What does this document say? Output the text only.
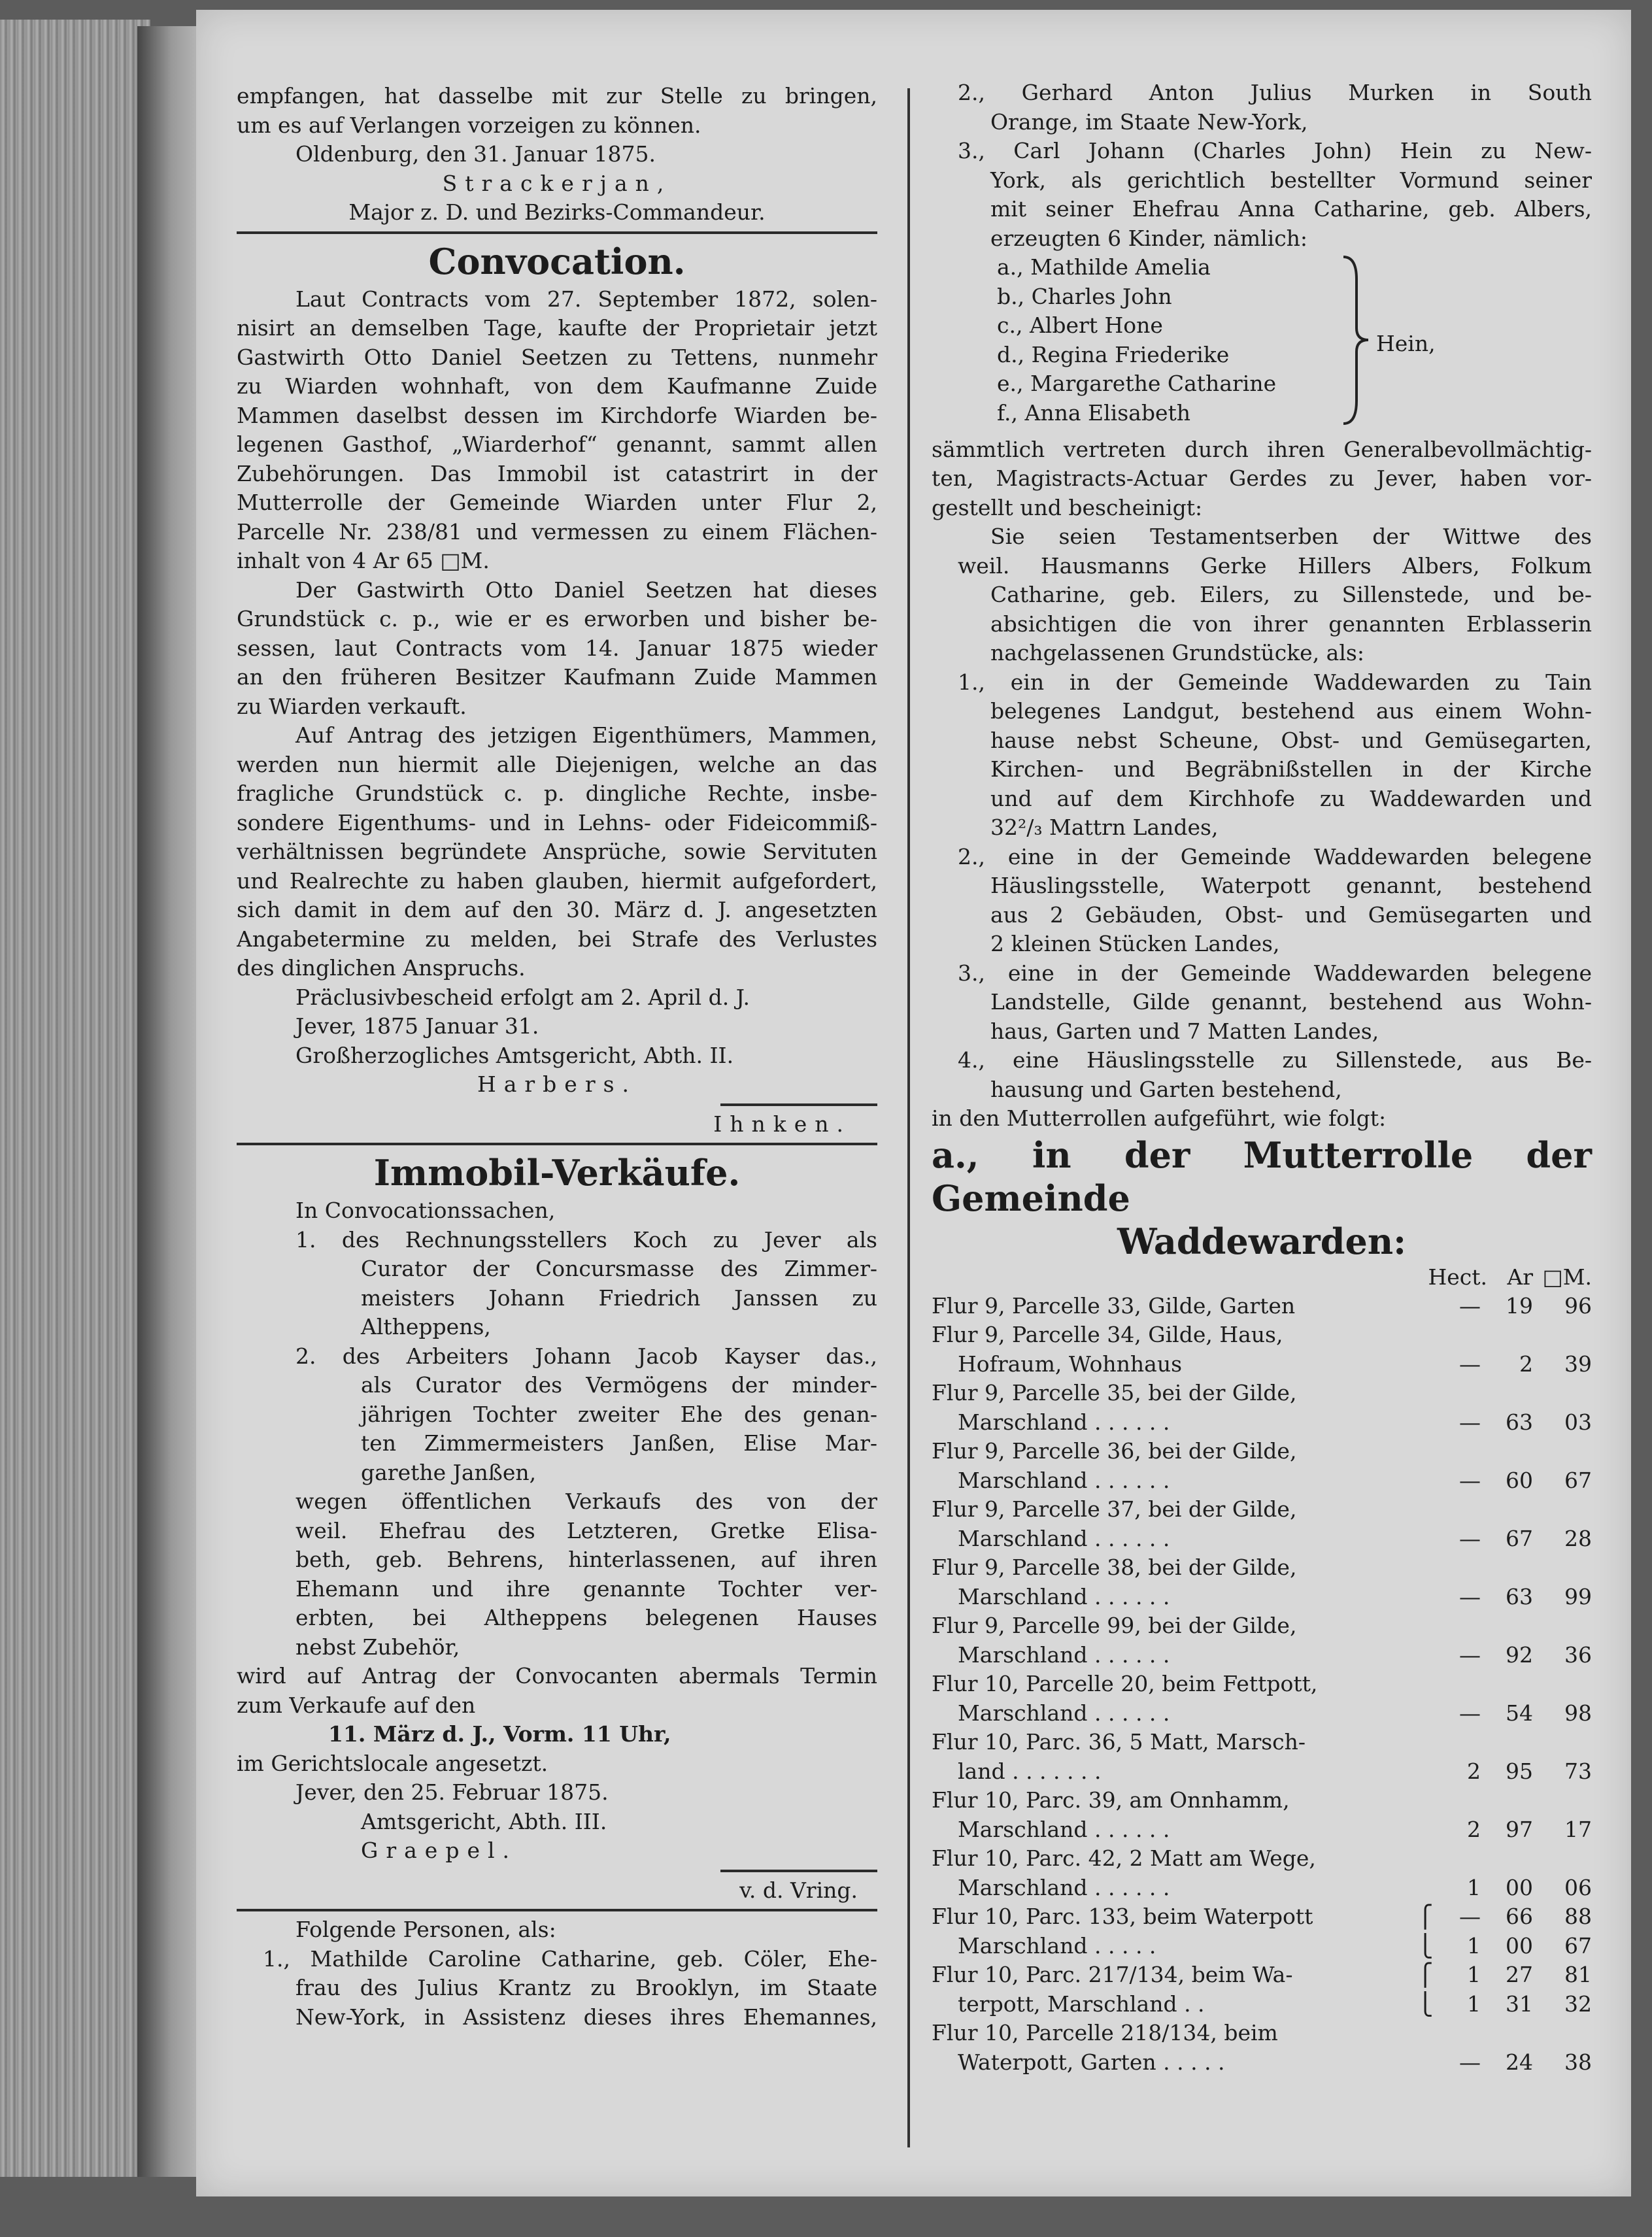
empfangen, hat dasselbe mit zur Stelle zu bringen,
um es auf Verlangen vorzeigen zu können.
Oldenburg, den 31. Januar 1875.
Strackerjan,
Major z. D. und Bezirks-Commandeur.
Convocation.
Laut Contracts vom 27. September 1872, solen-
nisirt an demselben Tage, kaufte der Proprietair jetzt
Gastwirth Otto Daniel Seetzen zu Tettens, nunmehr
zu Wiarden wohnhaft, von dem Kaufmanne Zuide
Mammen daselbst dessen im Kirchdorfe Wiarden be-
legenen Gasthof, „Wiarderhof“ genannt, sammt allen
Zubehörungen. Das Immobil ist catastrirt in der
Mutterrolle der Gemeinde Wiarden unter Flur 2,
Parcelle Nr. 238/81 und vermessen zu einem Flächen-
inhalt von 4 Ar 65 □M.
Der Gastwirth Otto Daniel Seetzen hat dieses
Grundstück c. p., wie er es erworben und bisher be-
sessen, laut Contracts vom 14. Januar 1875 wieder
an den früheren Besitzer Kaufmann Zuide Mammen
zu Wiarden verkauft.
Auf Antrag des jetzigen Eigenthümers, Mammen,
werden nun hiermit alle Diejenigen, welche an das
fragliche Grundstück c. p. dingliche Rechte, insbe-
sondere Eigenthums- und in Lehns- oder Fideicommiß-
verhältnissen begründete Ansprüche, sowie Servituten
und Realrechte zu haben glauben, hiermit aufgefordert,
sich damit in dem auf den 30. März d. J. angesetzten
Angabetermine zu melden, bei Strafe des Verlustes
des dinglichen Anspruchs.
Präclusivbescheid erfolgt am 2. April d. J.
Jever, 1875 Januar 31.
Großherzogliches Amtsgericht, Abth. II.
Harbers.
Ihnken.
Immobil-Verkäufe.
In Convocationssachen,
1. des Rechnungsstellers Koch zu Jever als
Curator der Concursmasse des Zimmer-
meisters Johann Friedrich Janssen zu
Altheppens,
2. des Arbeiters Johann Jacob Kayser das.,
als Curator des Vermögens der minder-
jährigen Tochter zweiter Ehe des genan-
ten Zimmermeisters Janßen, Elise Mar-
garethe Janßen,
wegen öffentlichen Verkaufs des von der
weil. Ehefrau des Letzteren, Gretke Elisa-
beth, geb. Behrens, hinterlassenen, auf ihren
Ehemann und ihre genannte Tochter ver-
erbten, bei Altheppens belegenen Hauses
nebst Zubehör,
wird auf Antrag der Convocanten abermals Termin
zum Verkaufe auf den
11. März d. J., Vorm. 11 Uhr,
im Gerichtslocale angesetzt.
Jever, den 25. Februar 1875.
Amtsgericht, Abth. III.
Graepel.
v. d. Vring.
Folgende Personen, als:
1., Mathilde Caroline Catharine, geb. Cöler, Ehe-
frau des Julius Krantz zu Brooklyn, im Staate
New-York, in Assistenz dieses ihres Ehemannes,
2., Gerhard Anton Julius Murken in South
Orange, im Staate New-York,
3., Carl Johann (Charles John) Hein zu New-
York, als gerichtlich bestellter Vormund seiner
mit seiner Ehefrau Anna Catharine, geb. Albers,
erzeugten 6 Kinder, nämlich:
a., Mathilde Amelia
b., Charles John
c., Albert Hone
d., Regina Friederike
e., Margarethe Catharine
f., Anna Elisabeth
Hein,
sämmtlich vertreten durch ihren Generalbevollmächtig-
ten, Magistracts-Actuar Gerdes zu Jever, haben vor-
gestellt und bescheinigt:
Sie seien Testamentserben der Wittwe des
weil. Hausmanns Gerke Hillers Albers, Folkum
Catharine, geb. Eilers, zu Sillenstede, und be-
absichtigen die von ihrer genannten Erblasserin
nachgelassenen Grundstücke, als:
1., ein in der Gemeinde Waddewarden zu Tain
belegenes Landgut, bestehend aus einem Wohn-
hause nebst Scheune, Obst- und Gemüsegarten,
Kirchen- und Begräbnißstellen in der Kirche
und auf dem Kirchhofe zu Waddewarden und
32²/₃ Mattrn Landes,
2., eine in der Gemeinde Waddewarden belegene
Häuslingsstelle, Waterpott genannt, bestehend
aus 2 Gebäuden, Obst- und Gemüsegarten und
2 kleinen Stücken Landes,
3., eine in der Gemeinde Waddewarden belegene
Landstelle, Gilde genannt, bestehend aus Wohn-
haus, Garten und 7 Matten Landes,
4., eine Häuslingsstelle zu Sillenstede, aus Be-
hausung und Garten bestehend,
in den Mutterrollen aufgeführt, wie folgt:
a., in der Mutterrolle der Gemeinde
Waddewarden:
Hect. Ar □M.
Flur 9, Parcelle 33, Gilde, Garten	—	19	96
Flur 9, Parcelle 34, Gilde, Haus,
Hofraum, Wohnhaus	—	2	39
Flur 9, Parcelle 35, bei der Gilde,
Marschland . . . . . .	—	63	03
Flur 9, Parcelle 36, bei der Gilde,
Marschland . . . . . .	—	60	67
Flur 9, Parcelle 37, bei der Gilde,
Marschland . . . . . .	—	67	28
Flur 9, Parcelle 38, bei der Gilde,
Marschland . . . . . .	—	63	99
Flur 9, Parcelle 99, bei der Gilde,
Marschland . . . . . .	—	92	36
Flur 10, Parcelle 20, beim Fettpott,
Marschland . . . . . .	—	54	98
Flur 10, Parc. 36, 5 Matt, Marsch-
land . . . . . . .	2	95	73
Flur 10, Parc. 39, am Onnhamm,
Marschland . . . . . .	2	97	17
Flur 10, Parc. 42, 2 Matt am Wege,
Marschland . . . . . .	1	00	06
Flur 10, Parc. 133, beim Waterpott	⎧	—	66	88
Marschland . . . . .	⎩	1	00	67
Flur 10, Parc. 217/134, beim Wa-	⎧	1	27	81
terpott, Marschland . .	⎩	1	31	32
Flur 10, Parcelle 218/134, beim
Waterpott, Garten . . . . .	—	24	38
